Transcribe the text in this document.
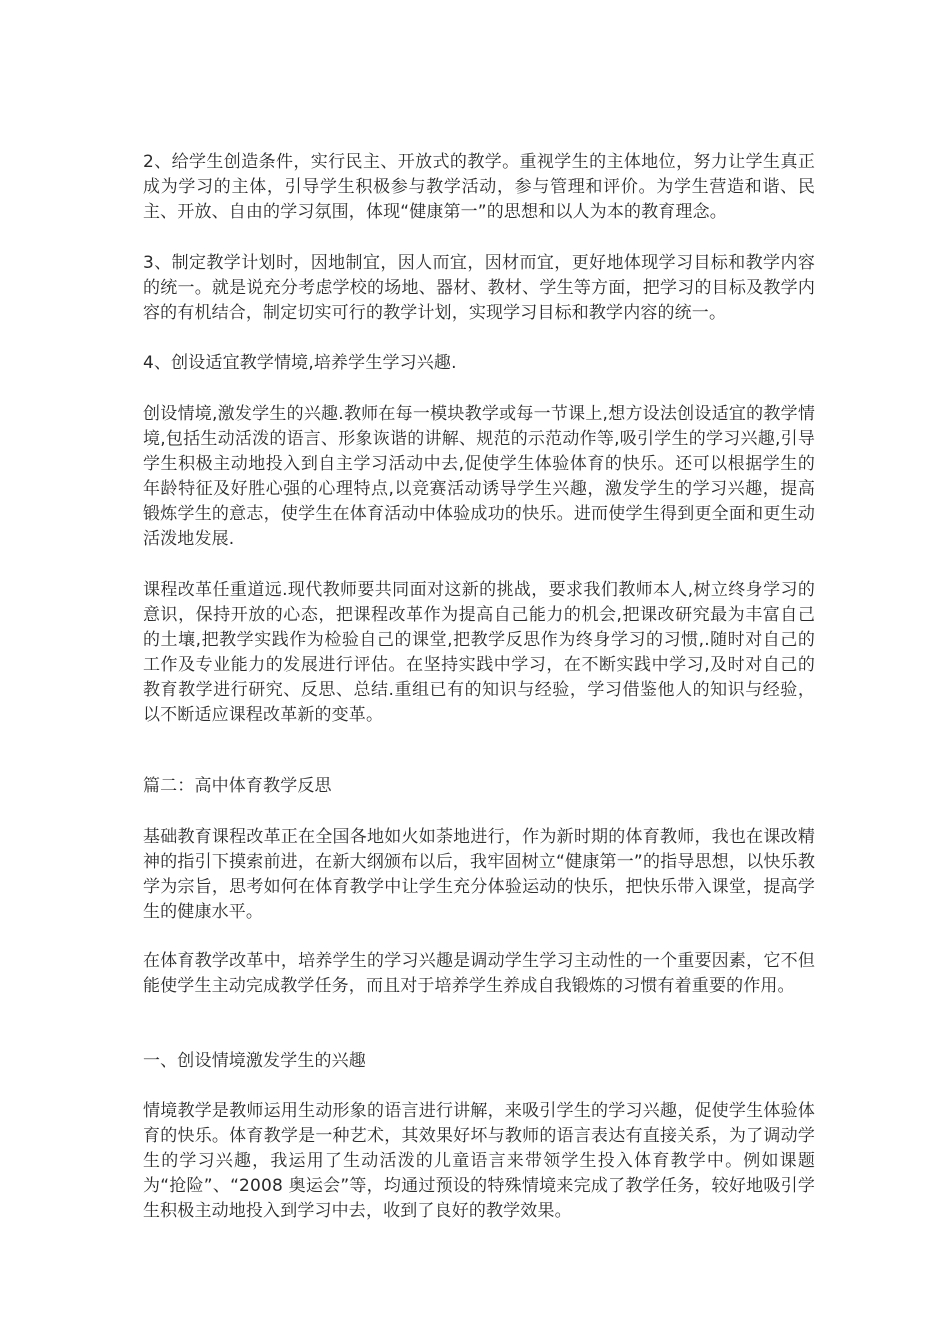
2、给学生创造条件，实行民主、开放式的教学。重视学生的主体地位，努力让学生真正成为学习的主体，引导学生积极参与教学活动，参与管理和评价。为学生营造和谐、民主、开放、自由的学习氛围，体现“健康第一”的思想和以人为本的教育理念。

3、制定教学计划时，因地制宜，因人而宜，因材而宜，更好地体现学习目标和教学内容的统一。就是说充分考虑学校的场地、器材、教材、学生等方面，把学习的目标及教学内容的有机结合，制定切实可行的教学计划，实现学习目标和教学内容的统一。

4、创设适宜教学情境,培养学生学习兴趣.

创设情境,激发学生的兴趣.教师在每一模块教学或每一节课上,想方设法创设适宜的教学情境,包括生动活泼的语言、形象诙谐的讲解、规范的示范动作等,吸引学生的学习兴趣,引导学生积极主动地投入到自主学习活动中去,促使学生体验体育的快乐。还可以根据学生的年龄特征及好胜心强的心理特点,以竞赛活动诱导学生兴趣，激发学生的学习兴趣，提高锻炼学生的意志，使学生在体育活动中体验成功的快乐。进而使学生得到更全面和更生动活泼地发展.

课程改革任重道远.现代教师要共同面对这新的挑战，要求我们教师本人,树立终身学习的意识，保持开放的心态，把课程改革作为提高自己能力的机会,把课改研究最为丰富自己的土壤,把教学实践作为检验自己的课堂,把教学反思作为终身学习的习惯,.随时对自己的工作及专业能力的发展进行评估。在坚持实践中学习，在不断实践中学习,及时对自己的教育教学进行研究、反思、总结.重组已有的知识与经验，学习借鉴他人的知识与经验，以不断适应课程改革新的变革。

篇二：高中体育教学反思

基础教育课程改革正在全国各地如火如荼地进行，作为新时期的体育教师，我也在课改精神的指引下摸索前进，在新大纲颁布以后，我牢固树立“健康第一”的指导思想，以快乐教学为宗旨，思考如何在体育教学中让学生充分体验运动的快乐，把快乐带入课堂，提高学生的健康水平。

在体育教学改革中，培养学生的学习兴趣是调动学生学习主动性的一个重要因素，它不但能使学生主动完成教学任务，而且对于培养学生养成自我锻炼的习惯有着重要的作用。

一、创设情境激发学生的兴趣

情境教学是教师运用生动形象的语言进行讲解，来吸引学生的学习兴趣，促使学生体验体育的快乐。体育教学是一种艺术，其效果好坏与教师的语言表达有直接关系，为了调动学生的学习兴趣，我运用了生动活泼的儿童语言来带领学生投入体育教学中。例如课题为“抢险”、“2008 奥运会”等，均通过预设的特殊情境来完成了教学任务，较好地吸引学生积极主动地投入到学习中去，收到了良好的教学效果。
